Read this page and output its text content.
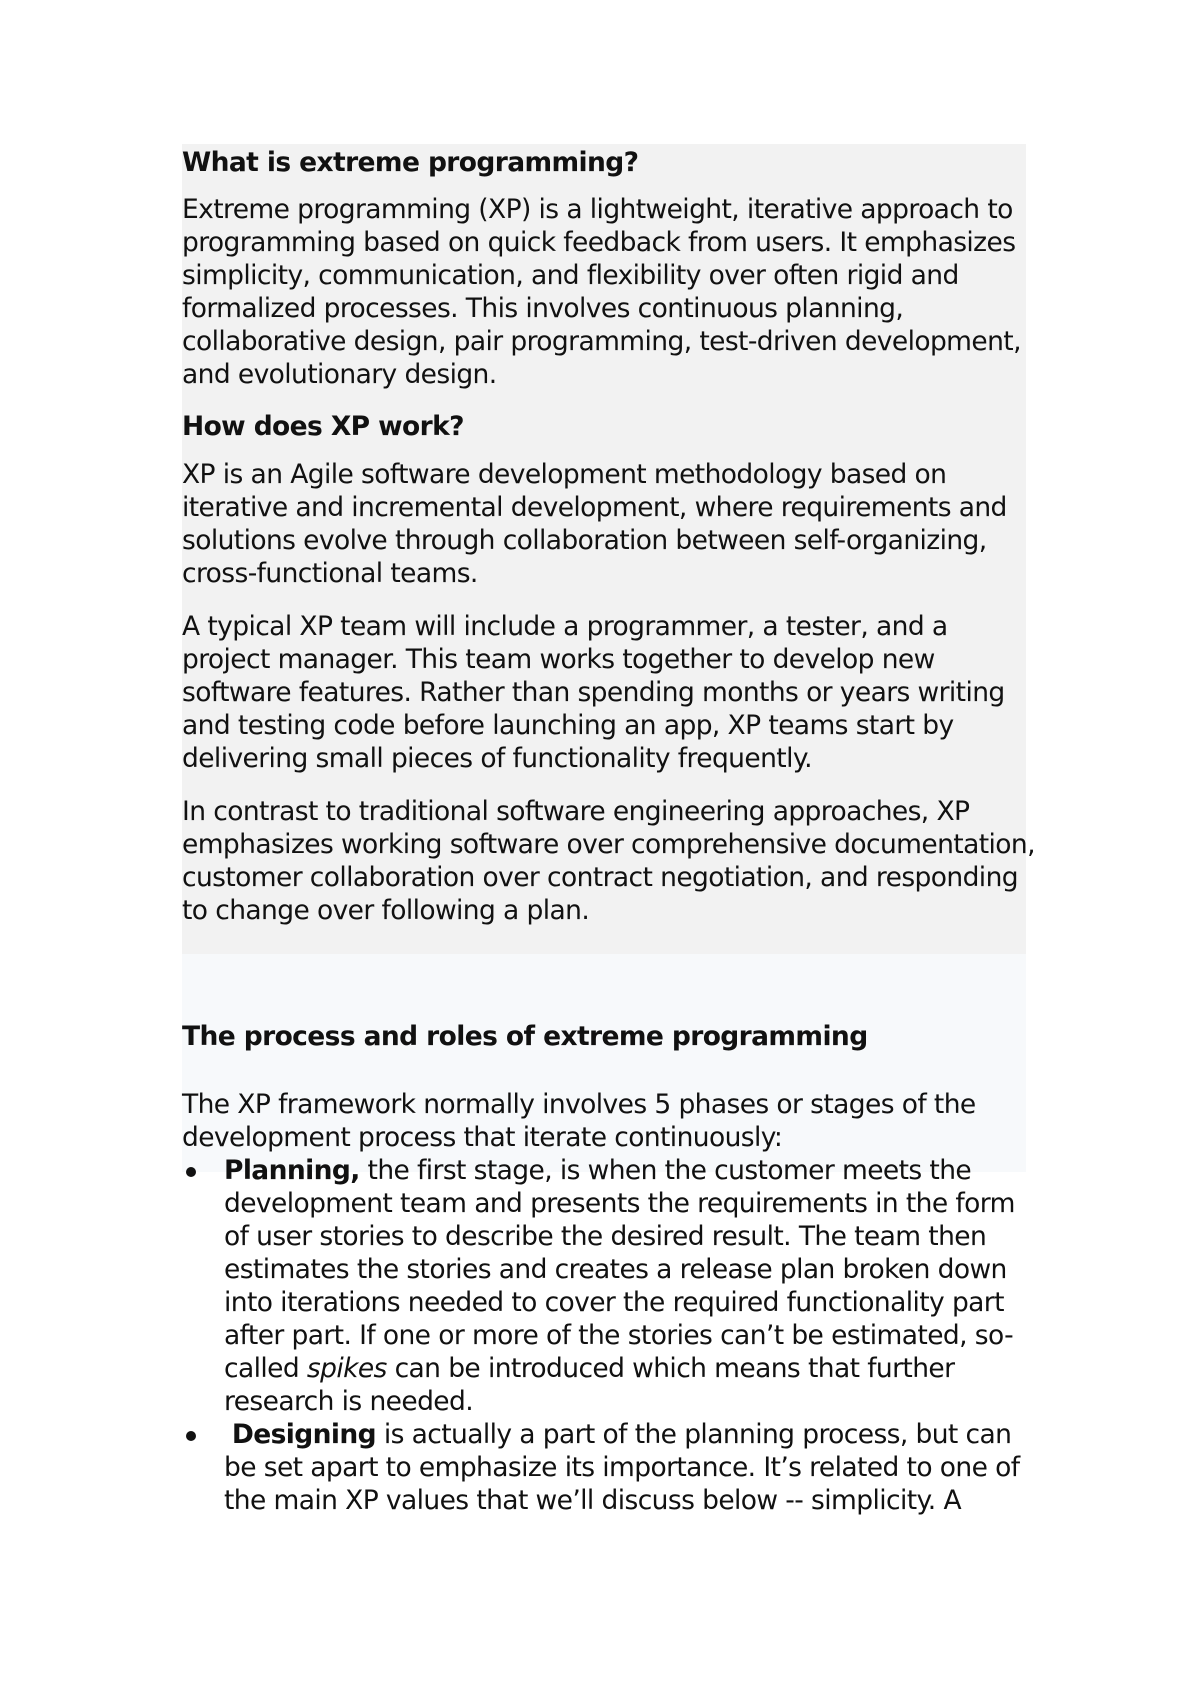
What is extreme programming?

Extreme programming (XP) is a lightweight, iterative approach to programming based on quick feedback from users. It emphasizes simplicity, communication, and flexibility over often rigid and formalized processes. This involves continuous planning, collaborative design, pair programming, test-driven development, and evolutionary design.

How does XP work?

XP is an Agile software development methodology based on iterative and incremental development, where requirements and solutions evolve through collaboration between self-organizing, cross-functional teams.

A typical XP team will include a programmer, a tester, and a project manager. This team works together to develop new software features. Rather than spending months or years writing and testing code before launching an app, XP teams start by delivering small pieces of functionality frequently.

In contrast to traditional software engineering approaches, XP emphasizes working software over comprehensive documentation, customer collaboration over contract negotiation, and responding to change over following a plan.

The process and roles of extreme programming

The XP framework normally involves 5 phases or stages of the development process that iterate continuously:

Planning, the first stage, is when the customer meets the development team and presents the requirements in the form of user stories to describe the desired result. The team then estimates the stories and creates a release plan broken down into iterations needed to cover the required functionality part after part. If one or more of the stories can’t be estimated, so-called spikes can be introduced which means that further research is needed.
Designing is actually a part of the planning process, but can be set apart to emphasize its importance. It’s related to one of the main XP values that we’ll discuss below -- simplicity. A
